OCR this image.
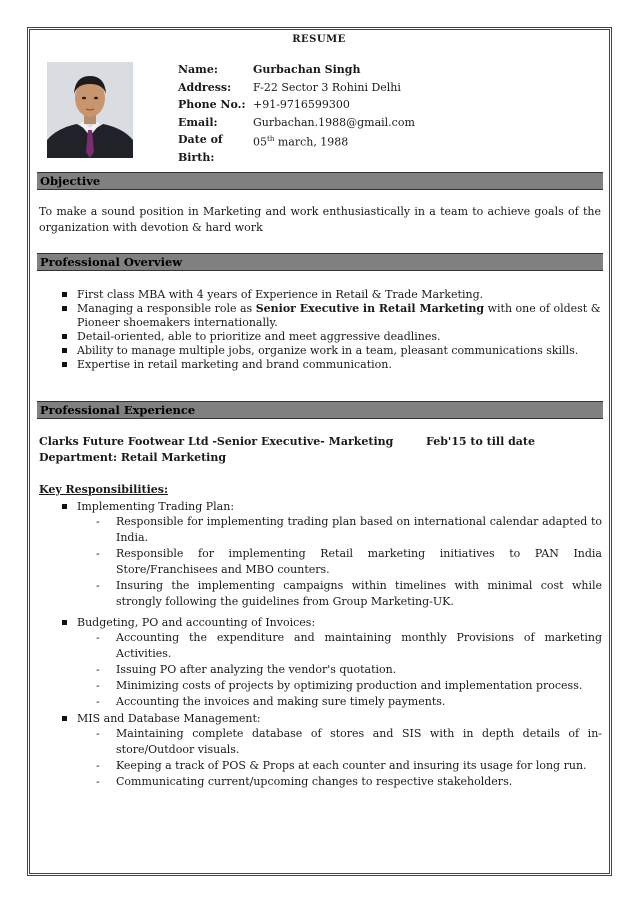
RESUME
Name:	Gurbachan Singh
Address:	F-22 Sector 3 Rohini Delhi
Phone No.: +91-9716599300
Email:	Gurbachan.1988@gmail.com
Date of Birth:
05th march, 1988
Objective
To make a sound position in Marketing and work enthusiastically in a team to achieve goals of the organization with devotion & hard work
Professional Overview
First class MBA with 4 years of Experience in Retail & Trade Marketing.
Managing a responsible role as Senior Executive in Retail Marketing with one of oldest & Pioneer shoemakers internationally.
Detail-oriented, able to prioritize and meet aggressive deadlines.
Ability to manage multiple jobs, organize work in a team, pleasant communications skills.
Expertise in retail marketing and brand communication.
Professional Experience
Clarks Future Footwear Ltd -Senior Executive- Marketing	Feb'15 to till date
Department: Retail Marketing
Key Responsibilities:
Implementing Trading Plan:
- Responsible for implementing trading plan based on international calendar adapted to India.
- Responsible for implementing Retail marketing initiatives to PAN India Store/Franchisees and MBO counters.
- Insuring the implementing campaigns within timelines with minimal cost while strongly following the guidelines from Group Marketing-UK.
Budgeting, PO and accounting of Invoices:
- Accounting the expenditure and maintaining monthly Provisions of marketing Activities.
- Issuing PO after analyzing the vendor's quotation.
- Minimizing costs of projects by optimizing production and implementation process.
- Accounting the invoices and making sure timely payments.
MIS and Database Management:
- Maintaining complete database of stores and SIS with in depth details of in-store/Outdoor visuals.
- Keeping a track of POS & Props at each counter and insuring its usage for long run.
- Communicating current/upcoming changes to respective stakeholders.
